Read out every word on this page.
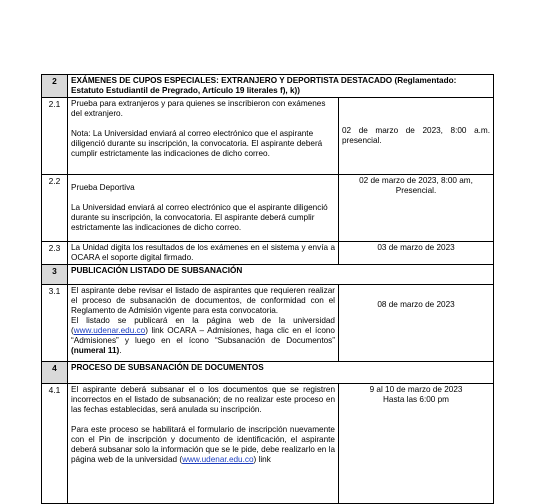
2	EXÁMENES DE CUPOS ESPECIALES: EXTRANJERO Y DEPORTISTA DESTACADO (Reglamentado: Estatuto Estudiantil de Pregrado, Artículo 19 literales f), k))	
2.1	Prueba para extranjeros y para quienes se inscribieron con exámenes del extranjero.
Nota: La Universidad enviará al correo electrónico que el aspirante diligenció durante su inscripción, la convocatoria. El aspirante deberá cumplir estrictamente las indicaciones de dicho correo.	02 de marzo de 2023, 8:00 a.m. presencial.
2.2	Prueba Deportiva
La Universidad enviará al correo electrónico que el aspirante diligenció durante su inscripción, la convocatoria. El aspirante deberá cumplir estrictamente las indicaciones de dicho correo.	02 de marzo de 2023, 8:00 am, Presencial.
2.3	La Unidad digita los resultados de los exámenes en el sistema y envía a OCARA el soporte digital firmado.	03 de marzo de 2023
3	PUBLICACIÓN LISTADO DE SUBSANACIÓN	
3.1	El aspirante debe revisar el listado de aspirantes que requieren realizar el proceso de subsanación de documentos, de conformidad con el Reglamento de Admisión vigente para esta convocatoria.
El listado se publicará en la página web de la universidad (www.udenar.edu.co) link OCARA – Admisiones, haga clic en el ícono “Admisiones” y luego en el ícono “Subsanación de Documentos” (numeral 11).	08 de marzo de 2023
4	PROCESO DE SUBSANACIÓN DE DOCUMENTOS	
4.1	El aspirante deberá subsanar el o los documentos que se registren incorrectos en el listado de subsanación; de no realizar este proceso en las fechas establecidas, será anulada su inscripción.
Para este proceso se habilitará el formulario de inscripción nuevamente con el Pin de inscripción y documento de identificación, el aspirante deberá subsanar solo la información que se le pide, debe realizarlo en la página web de la universidad (www.udenar.edu.co) link	9 al 10 de marzo de 2023
Hasta las 6:00 pm
